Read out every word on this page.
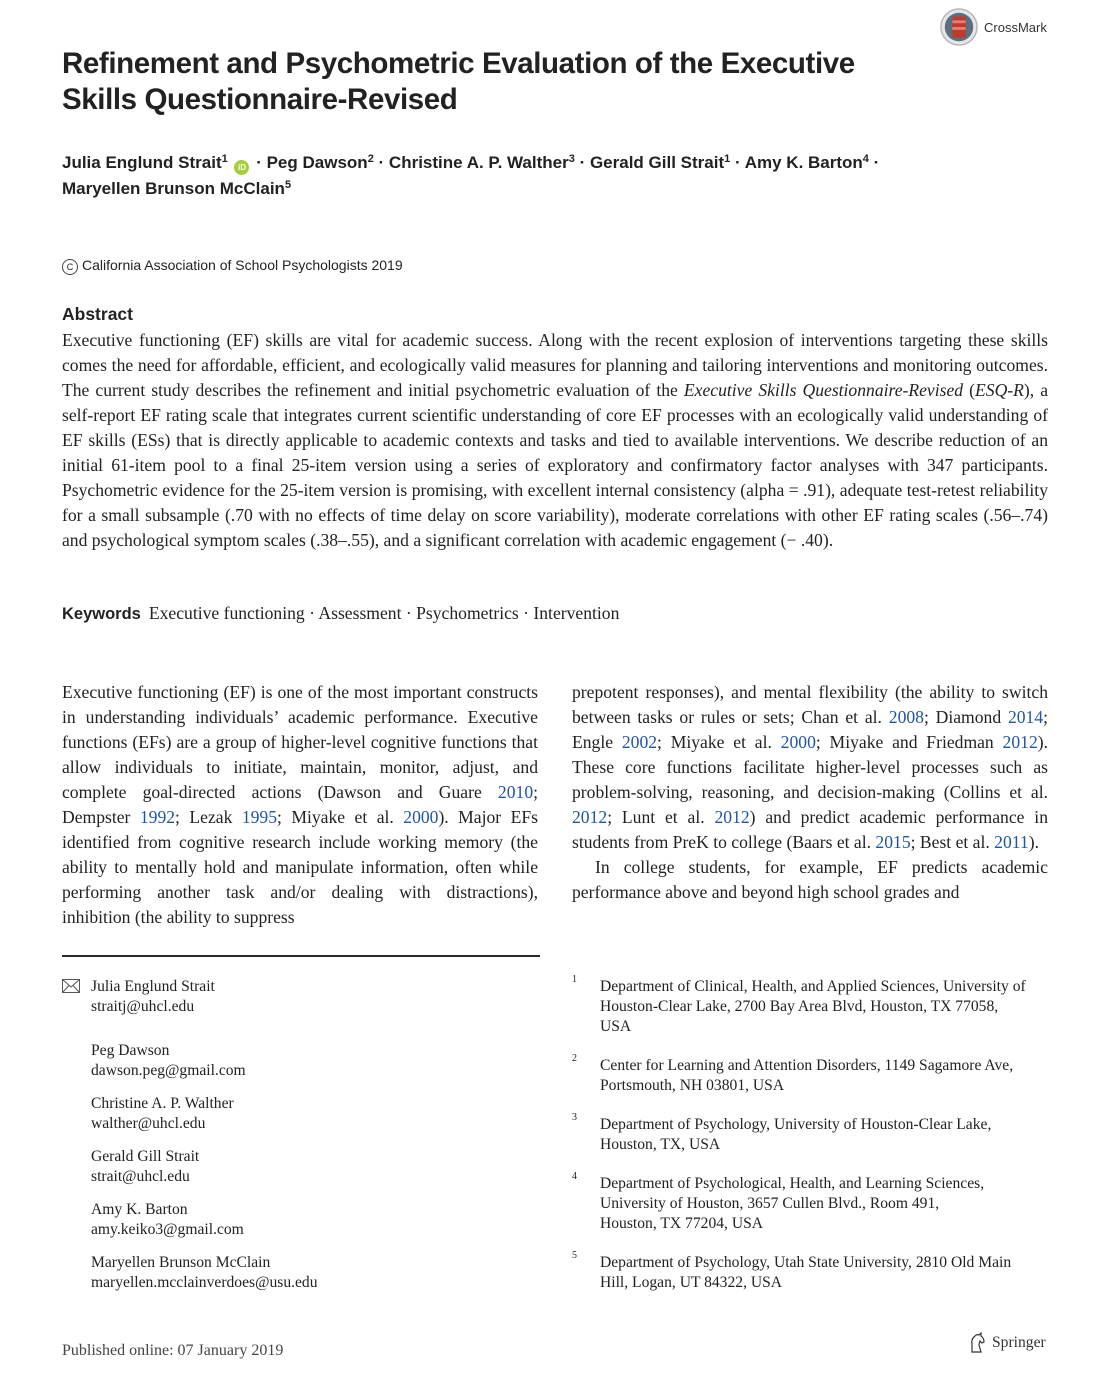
CrossMark
Refinement and Psychometric Evaluation of the Executive
Skills Questionnaire-Revised
Julia Englund Strait$^1$ iD · Peg Dawson$^2$ · Christine A. P. Walther$^3$ · Gerald Gill Strait$^1$ · Amy K. Barton$^4$ ·
Maryellen Brunson McClain$^5$
C California Association of School Psychologists 2019
Abstract
Executive functioning (EF) skills are vital for academic success. Along with the recent explosion of interventions targeting these skills comes the need for affordable, efficient, and ecologically valid measures for planning and tailoring interventions and monitoring outcomes. The current study describes the refinement and initial psychometric evaluation of the Executive Skills Questionnaire-Revised (ESQ-R), a self-report EF rating scale that integrates current scientific understanding of core EF processes with an ecologically valid understanding of EF skills (ESs) that is directly applicable to academic contexts and tasks and tied to available interventions. We describe reduction of an initial 61-item pool to a final 25-item version using a series of exploratory and confirmatory factor analyses with 347 participants. Psychometric evidence for the 25-item version is promising, with excellent internal consistency (alpha = .91), adequate test-retest reliability for a small subsample (.70 with no effects of time delay on score variability), moderate correlations with other EF rating scales (.56–.74) and psychological symptom scales (.38–.55), and a significant correlation with academic engagement (− .40).
Keywords Executive functioning · Assessment · Psychometrics · Intervention

Executive functioning (EF) is one of the most important constructs in understanding individuals’ academic performance. Executive functions (EFs) are a group of higher-level cognitive functions that allow individuals to initiate, maintain, monitor, adjust, and complete goal-directed actions (Dawson and Guare 2010; Dempster 1992; Lezak 1995; Miyake et al. 2000). Major EFs identified from cognitive research include working memory (the ability to mentally hold and manipulate information, often while performing another task and/or dealing with distractions), inhibition (the ability to suppress

prepotent responses), and mental flexibility (the ability to switch between tasks or rules or sets; Chan et al. 2008; Diamond 2014; Engle 2002; Miyake et al. 2000; Miyake and Friedman 2012). These core functions facilitate higher-level processes such as problem-solving, reasoning, and decision-making (Collins et al. 2012; Lunt et al. 2012) and predict academic performance in students from PreK to college (Baars et al. 2015; Best et al. 2011).

In college students, for example, EF predicts academic performance above and beyond high school grades and

Julia Englund Strait
straitj@uhcl.edu
Peg Dawson
dawson.peg@gmail.com
Christine A. P. Walther
walther@uhcl.edu
Gerald Gill Strait
strait@uhcl.edu
Amy K. Barton
amy.keiko3@gmail.com
Maryellen Brunson McClain
maryellen.mcclainverdoes@usu.edu
1 Department of Clinical, Health, and Applied Sciences, University of
Houston-Clear Lake, 2700 Bay Area Blvd, Houston, TX 77058,
USA
2 Center for Learning and Attention Disorders, 1149 Sagamore Ave,
Portsmouth, NH 03801, USA
3 Department of Psychology, University of Houston-Clear Lake,
Houston, TX, USA
4 Department of Psychological, Health, and Learning Sciences,
University of Houston, 3657 Cullen Blvd., Room 491,
Houston, TX 77204, USA
5 Department of Psychology, Utah State University, 2810 Old Main
Hill, Logan, UT 84322, USA
Published online: 07 January 2019	Springer
